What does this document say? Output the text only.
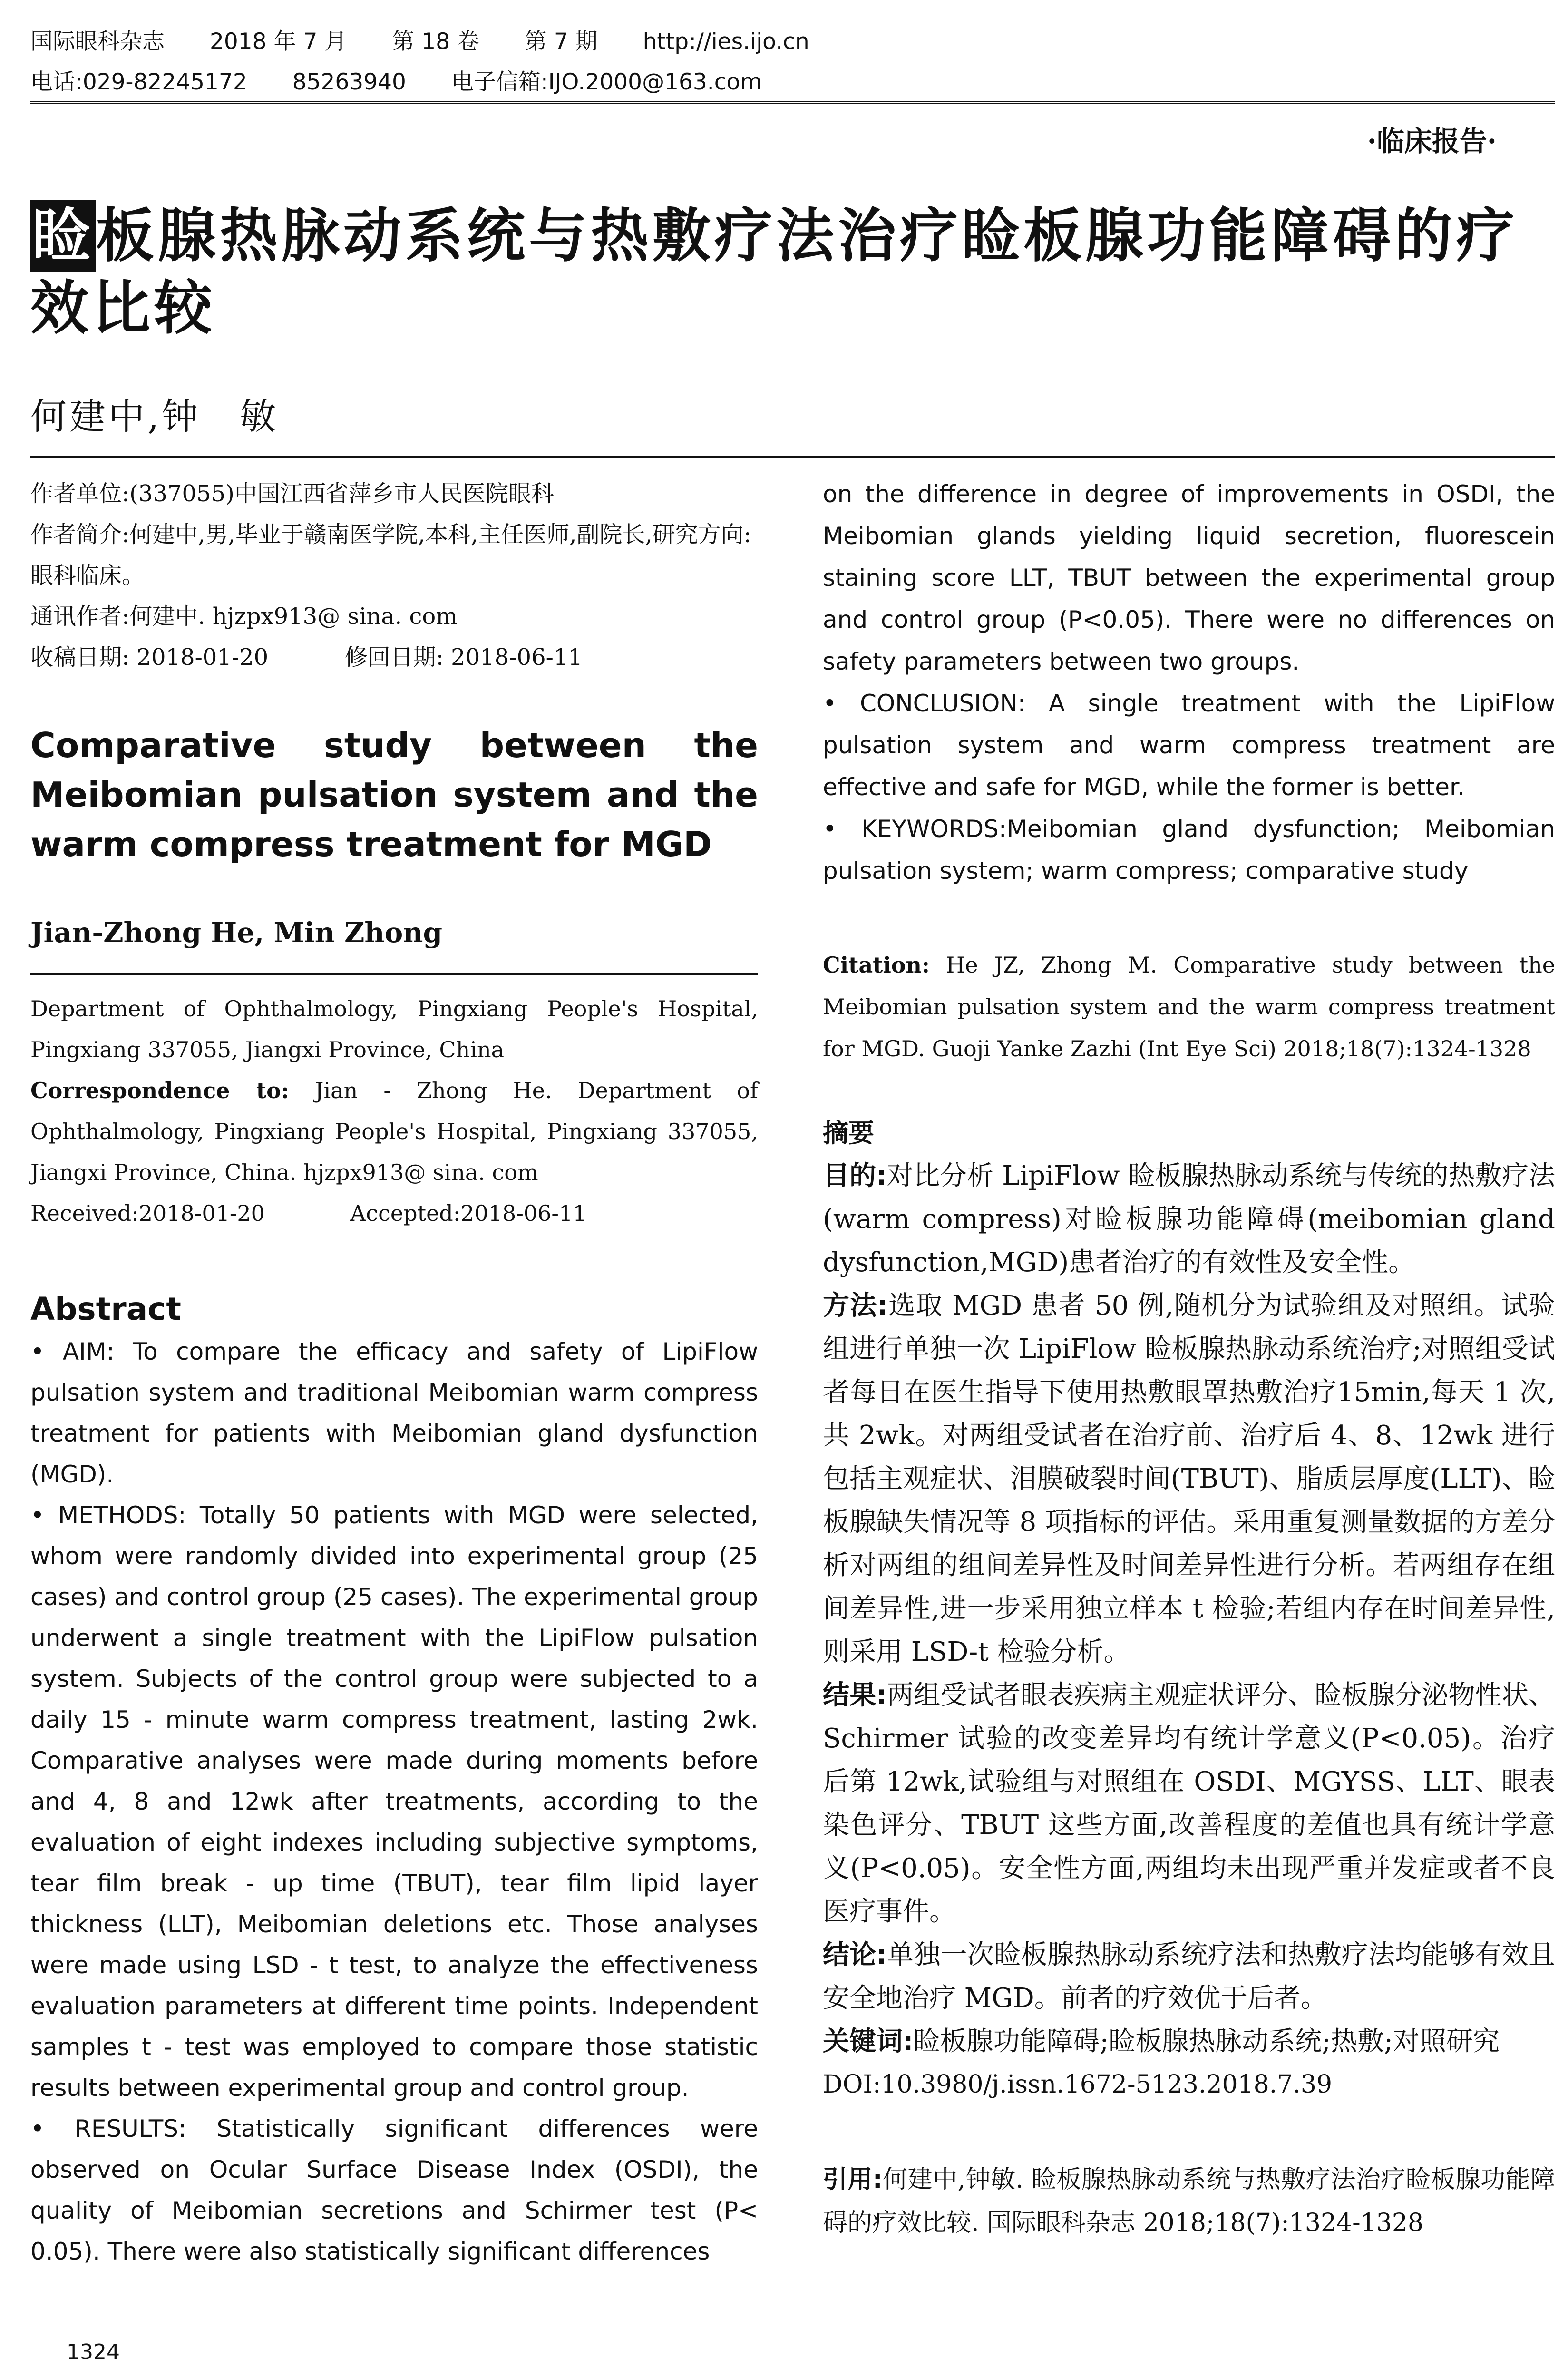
国际眼科杂志 2018 年 7 月 第 18 卷 第 7 期 http://ies.ijo.cn
电话:029-82245172 85263940 电子信箱:IJO.2000@163.com
·临床报告·
睑板腺热脉动系统与热敷疗法治疗睑板腺功能障碍的疗效比较
何建中,钟　敏

作者单位:(337055)中国江西省萍乡市人民医院眼科

作者简介:何建中,男,毕业于赣南医学院,本科,主任医师,副院长,研究方向:眼科临床。

通讯作者:何建中. hjzpx913@ sina. com

收稿日期: 2018-01-20	修回日期: 2018-06-11

Comparative study between the Meibomian pulsation system and the warm compress treatment for MGD

Jian-Zhong He, Min Zhong

Department of Ophthalmology, Pingxiang People's Hospital, Pingxiang 337055, Jiangxi Province, China

Correspondence to: Jian - Zhong He. Department of Ophthalmology, Pingxiang People's Hospital, Pingxiang 337055, Jiangxi Province, China. hjzpx913@ sina. com

Received:2018-01-20	Accepted:2018-06-11

Abstract

• AIM: To compare the efficacy and safety of LipiFlow pulsation system and traditional Meibomian warm compress treatment for patients with Meibomian gland dysfunction (MGD).

• METHODS: Totally 50 patients with MGD were selected, whom were randomly divided into experimental group (25 cases) and control group (25 cases). The experimental group underwent a single treatment with the LipiFlow pulsation system. Subjects of the control group were subjected to a daily 15 - minute warm compress treatment, lasting 2wk. Comparative analyses were made during moments before and 4, 8 and 12wk after treatments, according to the evaluation of eight indexes including subjective symptoms, tear film break - up time (TBUT), tear film lipid layer thickness (LLT), Meibomian deletions etc. Those analyses were made using LSD - t test, to analyze the effectiveness evaluation parameters at different time points. Independent samples t - test was employed to compare those statistic results between experimental group and control group.

• RESULTS: Statistically significant differences were observed on Ocular Surface Disease Index (OSDI), the quality of Meibomian secretions and Schirmer test (P< 0.05). There were also statistically significant differences

on the difference in degree of improvements in OSDI, the Meibomian glands yielding liquid secretion, fluorescein staining score LLT, TBUT between the experimental group and control group (P<0.05). There were no differences on safety parameters between two groups.

• CONCLUSION: A single treatment with the LipiFlow pulsation system and warm compress treatment are effective and safe for MGD, while the former is better.

• KEYWORDS:Meibomian gland dysfunction; Meibomian pulsation system; warm compress; comparative study

Citation: He JZ, Zhong M. Comparative study between the Meibomian pulsation system and the warm compress treatment for MGD. Guoji Yanke Zazhi (Int Eye Sci) 2018;18(7):1324-1328

摘要

目的:对比分析 LipiFlow 睑板腺热脉动系统与传统的热敷疗法(warm compress)对睑板腺功能障碍(meibomian gland dysfunction,MGD)患者治疗的有效性及安全性。

方法:选取 MGD 患者 50 例,随机分为试验组及对照组。试验组进行单独一次 LipiFlow 睑板腺热脉动系统治疗;对照组受试者每日在医生指导下使用热敷眼罩热敷治疗15min,每天 1 次,共 2wk。对两组受试者在治疗前、治疗后 4、8、12wk 进行包括主观症状、泪膜破裂时间(TBUT)、脂质层厚度(LLT)、睑板腺缺失情况等 8 项指标的评估。采用重复测量数据的方差分析对两组的组间差异性及时间差异性进行分析。若两组存在组间差异性,进一步采用独立样本 t 检验;若组内存在时间差异性,则采用 LSD-t 检验分析。

结果:两组受试者眼表疾病主观症状评分、睑板腺分泌物性状、Schirmer 试验的改变差异均有统计学意义(P<0.05)。治疗后第 12wk,试验组与对照组在 OSDI、MGYSS、LLT、眼表染色评分、TBUT 这些方面,改善程度的差值也具有统计学意义(P<0.05)。安全性方面,两组均未出现严重并发症或者不良医疗事件。

结论:单独一次睑板腺热脉动系统疗法和热敷疗法均能够有效且安全地治疗 MGD。前者的疗效优于后者。

关键词:睑板腺功能障碍;睑板腺热脉动系统;热敷;对照研究

DOI:10.3980/j.issn.1672-5123.2018.7.39

引用:何建中,钟敏. 睑板腺热脉动系统与热敷疗法治疗睑板腺功能障碍的疗效比较. 国际眼科杂志 2018;18(7):1324-1328

1324
